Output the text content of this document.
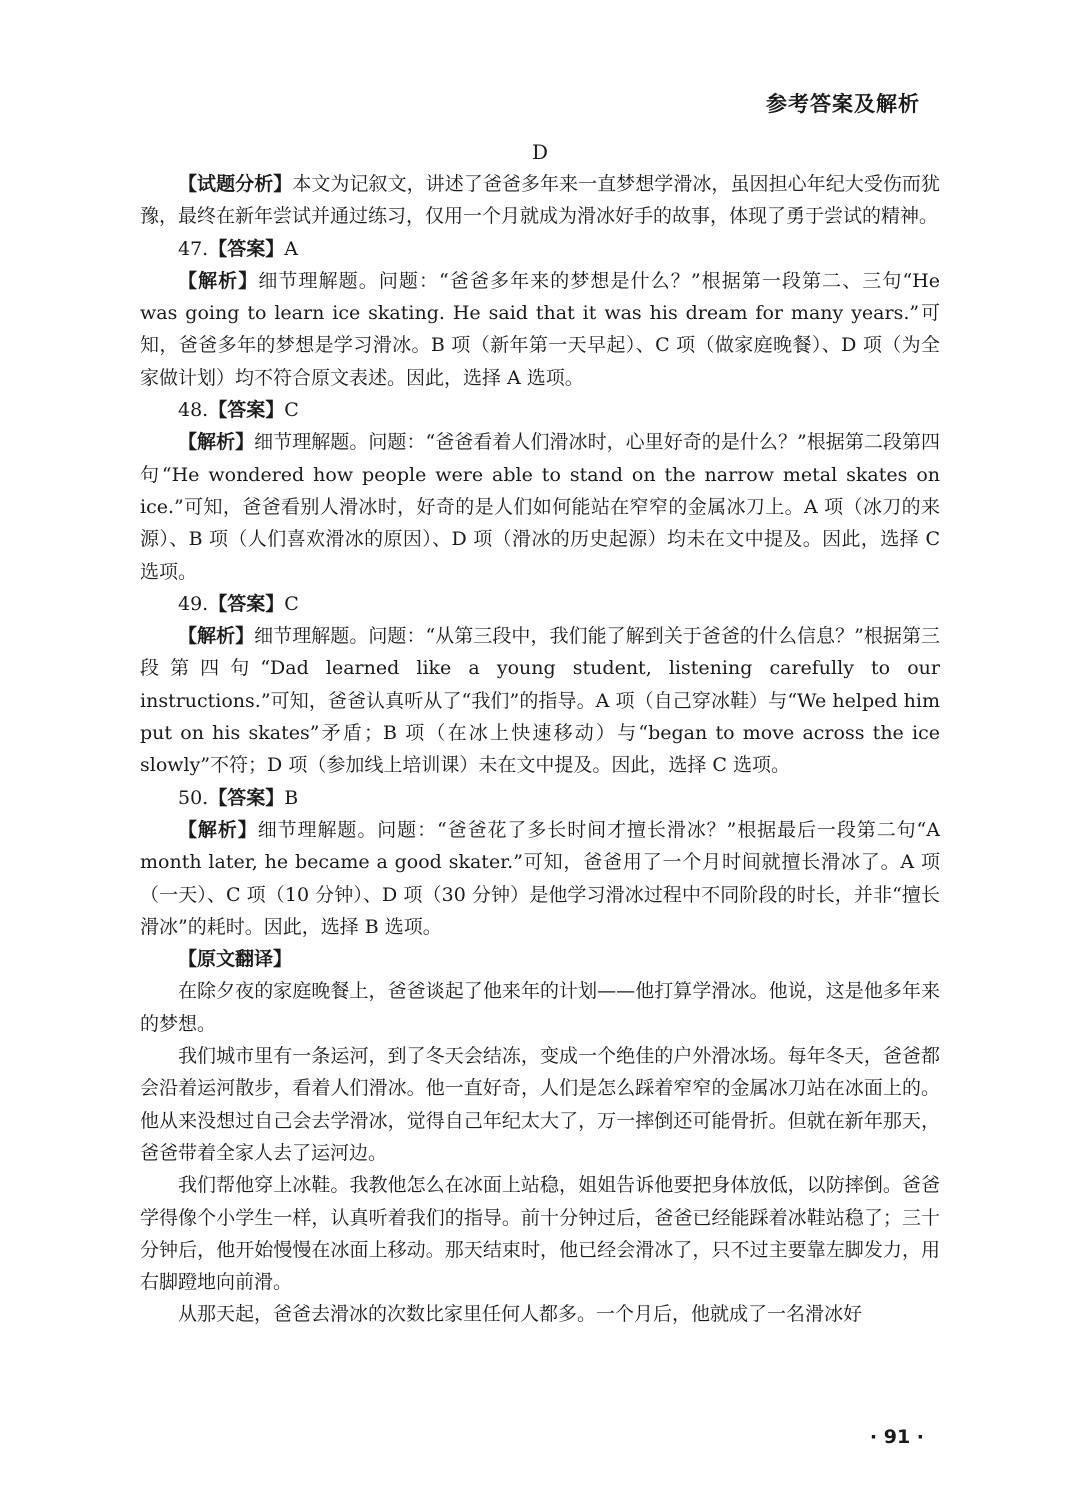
参考答案及解析
D

【试题分析】本文为记叙文，讲述了爸爸多年来一直梦想学滑冰，虽因担心年纪大受伤而犹豫，最终在新年尝试并通过练习，仅用一个月就成为滑冰好手的故事，体现了勇于尝试的精神。

47.【答案】A

【解析】细节理解题。问题：“爸爸多年来的梦想是什么？”根据第一段第二、三句“He was going to learn ice skating. He said that it was his dream for many years.”可知，爸爸多年的梦想是学习滑冰。B 项（新年第一天早起）、C 项（做家庭晚餐）、D 项（为全家做计划）均不符合原文表述。因此，选择 A 选项。

48.【答案】C

【解析】细节理解题。问题：“爸爸看着人们滑冰时，心里好奇的是什么？”根据第二段第四句“He wondered how people were able to stand on the narrow metal skates on ice.”可知，爸爸看别人滑冰时，好奇的是人们如何能站在窄窄的金属冰刀上。A 项（冰刀的来源）、B 项（人们喜欢滑冰的原因）、D 项（滑冰的历史起源）均未在文中提及。因此，选择 C 选项。

49.【答案】C

【解析】细节理解题。问题：“从第三段中，我们能了解到关于爸爸的什么信息？”根据第三段第四句“Dad learned like a young student, listening carefully to our instructions.”可知，爸爸认真听从了“我们”的指导。A 项（自己穿冰鞋）与“We helped him put on his skates”矛盾；B 项（在冰上快速移动）与“began to move across the ice slowly”不符；D 项（参加线上培训课）未在文中提及。因此，选择 C 选项。

50.【答案】B

【解析】细节理解题。问题：“爸爸花了多长时间才擅长滑冰？”根据最后一段第二句“A month later, he became a good skater.”可知，爸爸用了一个月时间就擅长滑冰了。A 项（一天）、C 项（10 分钟）、D 项（30 分钟）是他学习滑冰过程中不同阶段的时长，并非“擅长滑冰”的耗时。因此，选择 B 选项。

【原文翻译】

在除夕夜的家庭晚餐上，爸爸谈起了他来年的计划——他打算学滑冰。他说，这是他多年来的梦想。

我们城市里有一条运河，到了冬天会结冻，变成一个绝佳的户外滑冰场。每年冬天，爸爸都会沿着运河散步，看着人们滑冰。他一直好奇，人们是怎么踩着窄窄的金属冰刀站在冰面上的。他从来没想过自己会去学滑冰，觉得自己年纪太大了，万一摔倒还可能骨折。但就在新年那天，爸爸带着全家人去了运河边。

我们帮他穿上冰鞋。我教他怎么在冰面上站稳，姐姐告诉他要把身体放低，以防摔倒。爸爸学得像个小学生一样，认真听着我们的指导。前十分钟过后，爸爸已经能踩着冰鞋站稳了；三十分钟后，他开始慢慢在冰面上移动。那天结束时，他已经会滑冰了，只不过主要靠左脚发力，用右脚蹬地向前滑。

从那天起，爸爸去滑冰的次数比家里任何人都多。一个月后，他就成了一名滑冰好

· 91 ·
